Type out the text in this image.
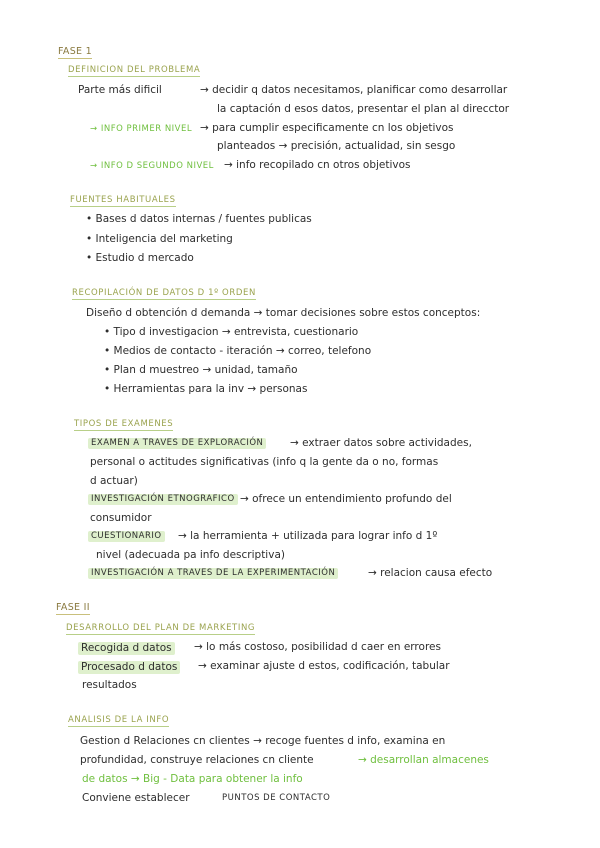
FASE 1
DEFINICION DEL PROBLEMA
Parte más dificil	→ decidir q datos necesitamos, planificar como desarrollar
la captación d esos datos, presentar el plan al direcctor
→ INFO PRIMER NIVEL → para cumplir especificamente cn los objetivos
planteados → precisión, actualidad, sin sesgo
→ INFO D SEGUNDO NIVEL → info recopilado cn otros objetivos
FUENTES HABITUALES
• Bases d datos internas / fuentes publicas
• Inteligencia del marketing
• Estudio d mercado
RECOPILACIÓN DE DATOS D 1º ORDEN
Diseño d obtención d demanda → tomar decisiones sobre estos conceptos:
• Tipo d investigacion → entrevista, cuestionario
• Medios de contacto - iteración → correo, telefono
• Plan d muestreo → unidad, tamaño
• Herramientas para la inv → personas
TIPOS DE EXAMENES
EXAMEN A TRAVES DE EXPLORACIÓN	→ extraer datos sobre actividades,
personal o actitudes significativas (info q la gente da o no, formas
d actuar)
INVESTIGACIÓN ETNOGRAFICO → ofrece un entendimiento profundo del
consumidor
CUESTIONARIO → la herramienta + utilizada para lograr info d 1º
nivel (adecuada pa info descriptiva)
INVESTIGACIÓN A TRAVES DE LA EXPERIMENTACIÓN	→ relacion causa efecto
FASE II
DESARROLLO DEL PLAN DE MARKETING
Recogida d datos → lo más costoso, posibilidad d caer en errores
Procesado d datos → examinar ajuste d estos, codificación, tabular
resultados
ANALISIS DE LA INFO
Gestion d Relaciones cn clientes → recoge fuentes d info, examina en
profundidad, construye relaciones cn cliente	→ desarrollan almacenes
de datos → Big - Data para obtener la info
Conviene establecer	PUNTOS DE CONTACTO
